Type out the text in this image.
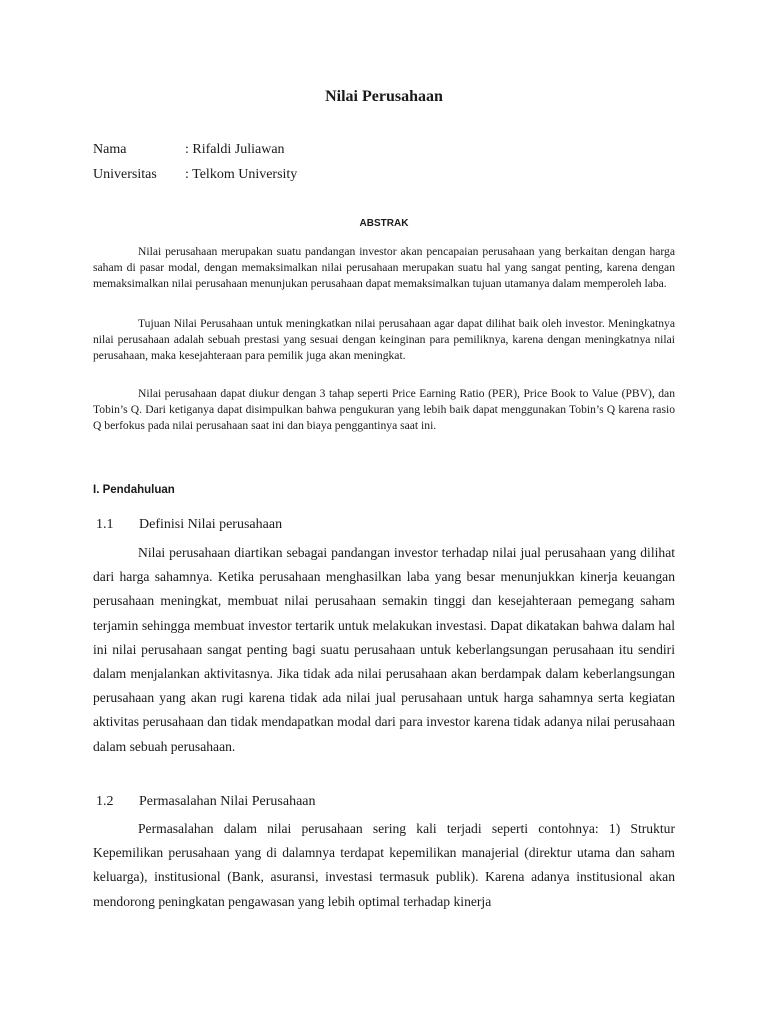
Nilai Perusahaan
Nama	: Rifaldi Juliawan
Universitas : Telkom University
ABSTRAK

Nilai perusahaan merupakan suatu pandangan investor akan pencapaian perusahaan yang berkaitan dengan harga saham di pasar modal, dengan memaksimalkan nilai perusahaan merupakan suatu hal yang sangat penting, karena dengan memaksimalkan nilai perusahaan menunjukan perusahaan dapat memaksimalkan tujuan utamanya dalam memperoleh laba.

Tujuan Nilai Perusahaan untuk meningkatkan nilai perusahaan agar dapat dilihat baik oleh investor. Meningkatnya nilai perusahaan adalah sebuah prestasi yang sesuai dengan keinginan para pemiliknya, karena dengan meningkatnya nilai perusahaan, maka kesejahteraan para pemilik juga akan meningkat.

Nilai perusahaan dapat diukur dengan 3 tahap seperti Price Earning Ratio (PER), Price Book to Value (PBV), dan Tobin’s Q. Dari ketiganya dapat disimpulkan bahwa pengukuran yang lebih baik dapat menggunakan Tobin’s Q karena rasio Q berfokus pada nilai perusahaan saat ini dan biaya penggantinya saat ini.

I. Pendahuluan
1.1 Definisi Nilai perusahaan

Nilai perusahaan diartikan sebagai pandangan investor terhadap nilai jual perusahaan yang dilihat dari harga sahamnya. Ketika perusahaan menghasilkan laba yang besar menunjukkan kinerja keuangan perusahaan meningkat, membuat nilai perusahaan semakin tinggi dan kesejahteraan pemegang saham terjamin sehingga membuat investor tertarik untuk melakukan investasi. Dapat dikatakan bahwa dalam hal ini nilai perusahaan sangat penting bagi suatu perusahaan untuk keberlangsungan perusahaan itu sendiri dalam menjalankan aktivitasnya. Jika tidak ada nilai perusahaan akan berdampak dalam keberlangsungan perusahaan yang akan rugi karena tidak ada nilai jual perusahaan untuk harga sahamnya serta kegiatan aktivitas perusahaan dan tidak mendapatkan modal dari para investor karena tidak adanya nilai perusahaan dalam sebuah perusahaan.

1.2 Permasalahan Nilai Perusahaan

Permasalahan dalam nilai perusahaan sering kali terjadi seperti contohnya: 1) Struktur Kepemilikan perusahaan yang di dalamnya terdapat kepemilikan manajerial (direktur utama dan saham keluarga), institusional (Bank, asuransi, investasi termasuk publik). Karena adanya institusional akan mendorong peningkatan pengawasan yang lebih optimal terhadap kinerja
